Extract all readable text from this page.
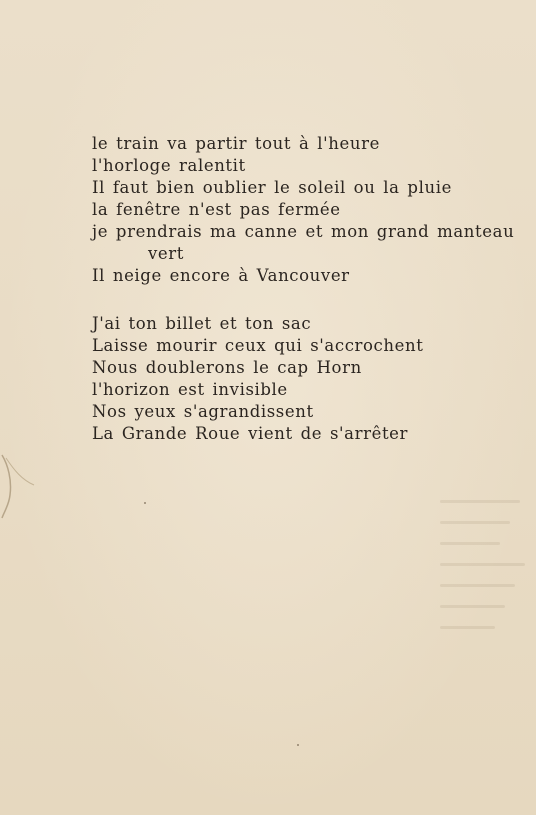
le train va partir tout à l'heure
l'horloge ralentit
Il faut bien oublier le soleil ou la pluie
la fenêtre n'est pas fermée
je prendrais ma canne et mon grand manteau
vert
Il neige encore à Vancouver
J'ai ton billet et ton sac
Laisse mourir ceux qui s'accrochent
Nous doublerons le cap Horn
l'horizon est invisible
Nos yeux s'agrandissent
La Grande Roue vient de s'arrêter
